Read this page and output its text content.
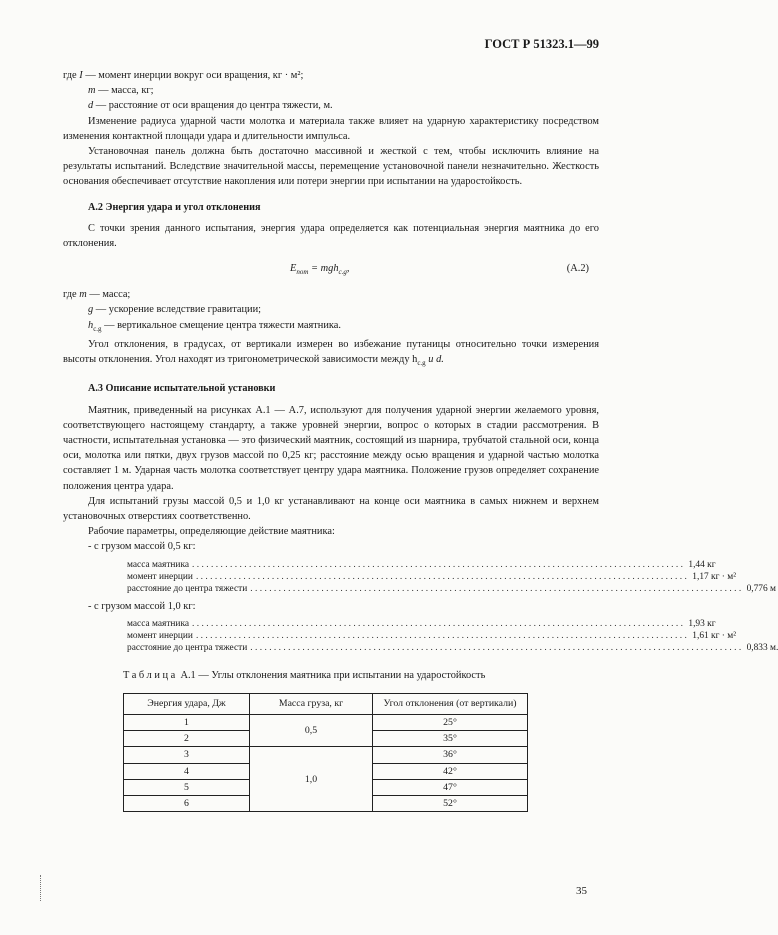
ГОСТ Р 51323.1—99

где I — момент инерции вокруг оси вращения, кг · м²;

m — масса, кг;

d — расстояние от оси вращения до центра тяжести, м.

Изменение радиуса ударной части молотка и материала также влияет на ударную характеристику посредством изменения контактной площади удара и длительности импульса.

Установочная панель должна быть достаточно массивной и жесткой с тем, чтобы исключить влияние на результаты испытаний. Вследствие значительной массы, перемещение установочной панели незначительно. Жесткость основания обеспечивает отсутствие накопления или потери энергии при испытании на ударостойкость.

А.2 Энергия удара и угол отклонения

С точки зрения данного испытания, энергия удара определяется как потенциальная энергия маятника до его отклонения.

$E_{пот} = mgh_{c.g}$,	(A.2)

где m — масса;

g — ускорение вследствие гравитации;

$h_{c.g}$ — вертикальное смещение центра тяжести маятника.

Угол отклонения, в градусах, от вертикали измерен во избежание путаницы относительно точки измерения высоты отклонения. Угол находят из тригонометрической зависимости между $h_{c.g}$ и d.

А.3 Описание испытательной установки

Маятник, приведенный на рисунках А.1 — А.7, используют для получения ударной энергии желаемого уровня, соответствующего настоящему стандарту, а также уровней энергии, вопрос о которых в стадии рассмотрения. В частности, испытательная установка — это физический маятник, состоящий из шарнира, трубчатой стальной оси, конца оси, молотка или пятки, двух грузов массой по 0,25 кг; расстояние между осью вращения и ударной частью молотка составляет 1 м. Ударная часть молотка соответствует центру удара маятника. Положение грузов определяет сохранение положения центра удара.

Для испытаний грузы массой 0,5 и 1,0 кг устанавливают на конце оси маятника в самых нижнем и верхнем установочных отверстиях соответственно.

Рабочие параметры, определяющие действие маятника:

- с грузом массой 0,5 кг:

масса маятника ........................................................................................................ 1,44 кг
момент инерции ........................................................................................................ 1,17 кг · м²
расстояние до центра тяжести ........................................................................................................ 0,776 м

- с грузом массой 1,0 кг:

масса маятника ........................................................................................................ 1,93 кг
момент инерции ........................................................................................................ 1,61 кг · м²
расстояние до центра тяжести ........................................................................................................ 0,833 м.

Таблица А.1 — Углы отклонения маятника при испытании на ударостойкость

Энергия удара, Дж	Масса груза, кг	Угол отклонения (от вертикали)
1	0,5	25°
2		35°
3	1,0	36°
4		42°
5		47°
6		52°
35
